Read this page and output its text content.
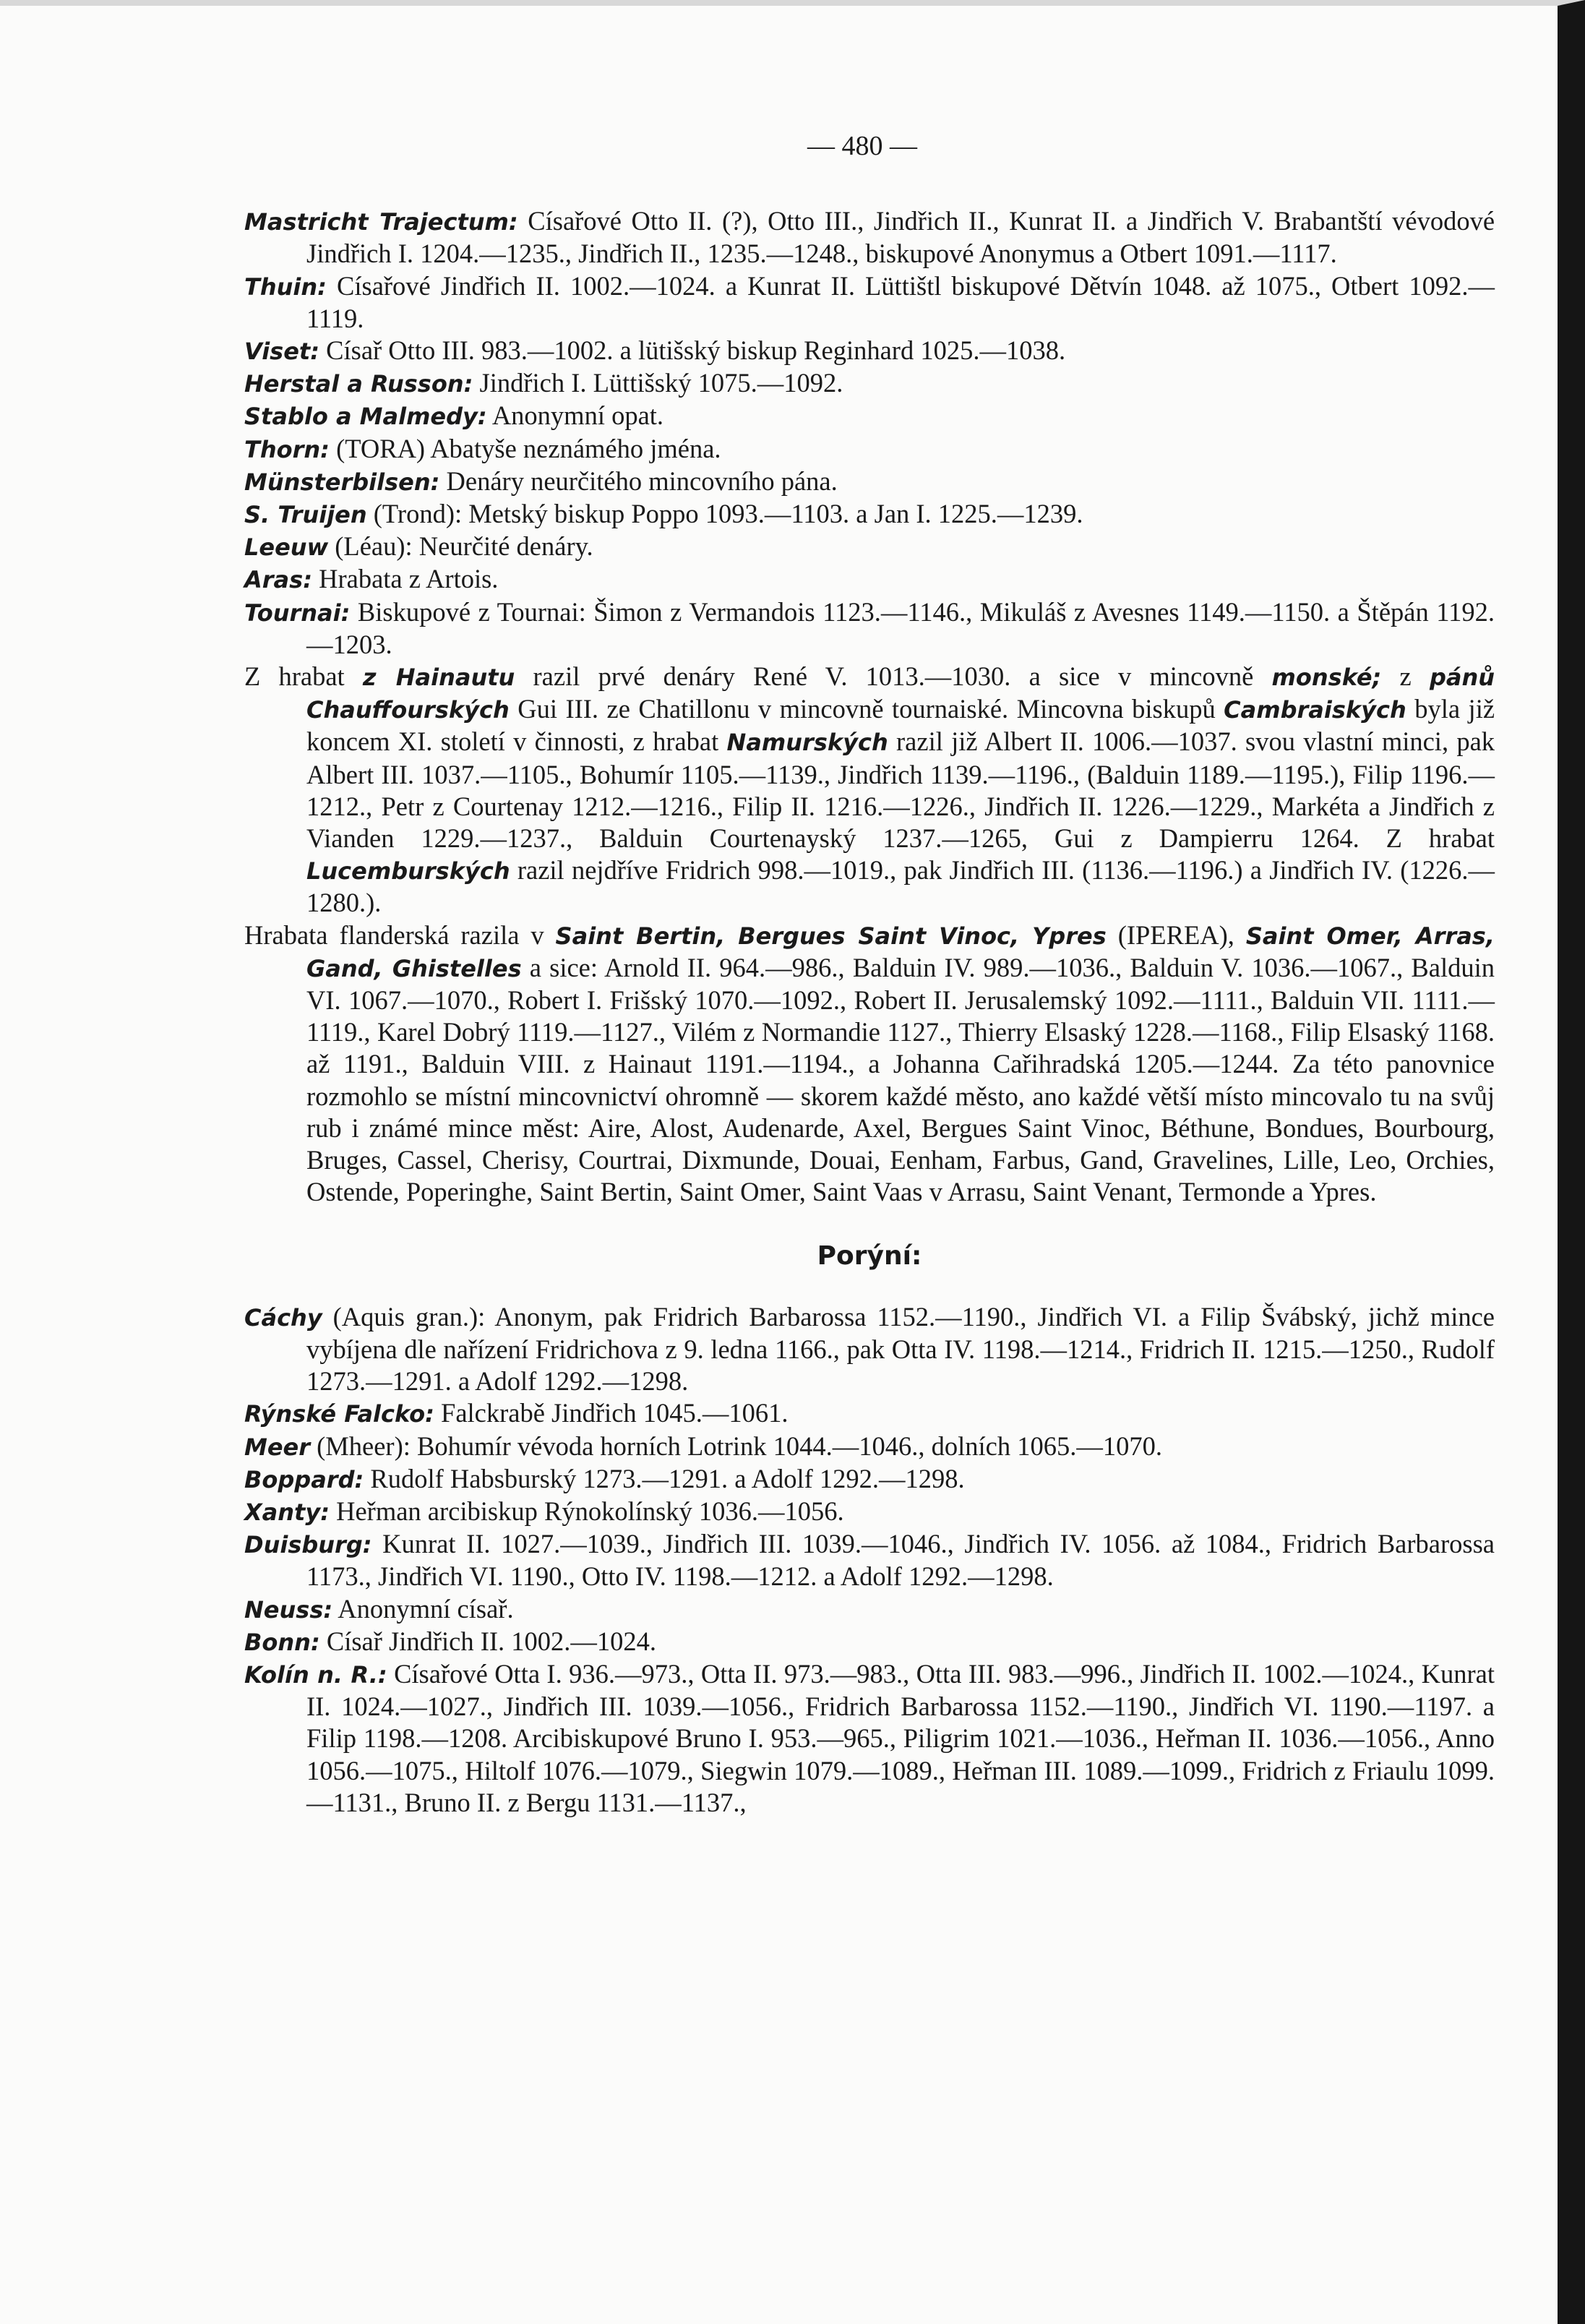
— 480 —

Mastricht Trajectum: Císařové Otto II. (?), Otto III., Jindřich II., Kunrat II. a Jindřich V. Brabantští vévodové Jindřich I. 1204.—1235., Jindřich II., 1235.—1248., biskupové Anonymus a Otbert 1091.—1117.

Thuin: Císařové Jindřich II. 1002.—1024. a Kunrat II. Lüttištl biskupové Dětvín 1048. až 1075., Otbert 1092.—1119.

Viset: Císař Otto III. 983.—1002. a lütišský biskup Reginhard 1025.—1038.

Herstal a Russon: Jindřich I. Lüttišský 1075.—1092.

Stablo a Malmedy: Anonymní opat.

Thorn: (TORA) Abatyše neznámého jména.

Münsterbilsen: Denáry neurčitého mincovního pána.

S. Truijen (Trond): Metský biskup Poppo 1093.—1103. a Jan I. 1225.—1239.

Leeuw (Léau): Neurčité denáry.

Aras: Hrabata z Artois.

Tournai: Biskupové z Tournai: Šimon z Vermandois 1123.—1146., Mikuláš z Avesnes 1149.—1150. a Štěpán 1192.—1203.

Z hrabat z Hainautu razil prvé denáry René V. 1013.—1030. a sice v mincovně monské; z pánů Chauffourských Gui III. ze Chatillonu v mincovně tournaiské. Mincovna biskupů Cambraiských byla již koncem XI. století v činnosti, z hrabat Namurských razil již Albert II. 1006.—1037. svou vlastní minci, pak Albert III. 1037.—1105., Bohumír 1105.—1139., Jindřich 1139.—1196., (Balduin 1189.—1195.), Filip 1196.—1212., Petr z Courtenay 1212.—1216., Filip II. 1216.—1226., Jindřich II. 1226.—1229., Markéta a Jindřich z Vianden 1229.—1237., Balduin Courtenayský 1237.—1265, Gui z Dampierru 1264. Z hrabat Lucemburských razil nejdříve Fridrich 998.—1019., pak Jindřich III. (1136.—1196.) a Jindřich IV. (1226.—1280.).

Hrabata flanderská razila v Saint Bertin, Bergues Saint Vinoc, Ypres (IPEREA), Saint Omer, Arras, Gand, Ghistelles a sice: Arnold II. 964.—986., Balduin IV. 989.—1036., Balduin V. 1036.—1067., Balduin VI. 1067.—1070., Robert I. Frišský 1070.—1092., Robert II. Jerusalemský 1092.—1111., Balduin VII. 1111.—1119., Karel Dobrý 1119.—1127., Vilém z Normandie 1127., Thierry Elsaský 1228.—1168., Filip Elsaský 1168. až 1191., Balduin VIII. z Hainaut 1191.—1194., a Johanna Cařihradská 1205.—1244. Za této panovnice rozmohlo se místní mincovnictví ohromně — skorem každé město, ano každé větší místo mincovalo tu na svůj rub i známé mince měst: Aire, Alost, Audenarde, Axel, Bergues Saint Vinoc, Béthune, Bondues, Bourbourg, Bruges, Cassel, Cherisy, Courtrai, Dixmunde, Douai, Eenham, Farbus, Gand, Gravelines, Lille, Leo, Orchies, Ostende, Poperinghe, Saint Bertin, Saint Omer, Saint Vaas v Arrasu, Saint Venant, Termonde a Ypres.

Porýní:

Cáchy (Aquis gran.): Anonym, pak Fridrich Barbarossa 1152.—1190., Jindřich VI. a Filip Švábský, jichž mince vybíjena dle nařízení Fridrichova z 9. ledna 1166., pak Otta IV. 1198.—1214., Fridrich II. 1215.—1250., Rudolf 1273.—1291. a Adolf 1292.—1298.

Rýnské Falcko: Falckrabě Jindřich 1045.—1061.

Meer (Mheer): Bohumír vévoda horních Lotrink 1044.—1046., dolních 1065.—1070.

Boppard: Rudolf Habsburský 1273.—1291. a Adolf 1292.—1298.

Xanty: Heřman arcibiskup Rýnokolínský 1036.—1056.

Duisburg: Kunrat II. 1027.—1039., Jindřich III. 1039.—1046., Jindřich IV. 1056. až 1084., Fridrich Barbarossa 1173., Jindřich VI. 1190., Otto IV. 1198.—1212. a Adolf 1292.—1298.

Neuss: Anonymní císař.

Bonn: Císař Jindřich II. 1002.—1024.

Kolín n. R.: Císařové Otta I. 936.—973., Otta II. 973.—983., Otta III. 983.—996., Jindřich II. 1002.—1024., Kunrat II. 1024.—1027., Jindřich III. 1039.—1056., Fridrich Barbarossa 1152.—1190., Jindřich VI. 1190.—1197. a Filip 1198.—1208. Arcibiskupové Bruno I. 953.—965., Piligrim 1021.—1036., Heřman II. 1036.—1056., Anno 1056.—1075., Hiltolf 1076.—1079., Siegwin 1079.—1089., Heřman III. 1089.—1099., Fridrich z Friaulu 1099.—1131., Bruno II. z Bergu 1131.—1137.,
